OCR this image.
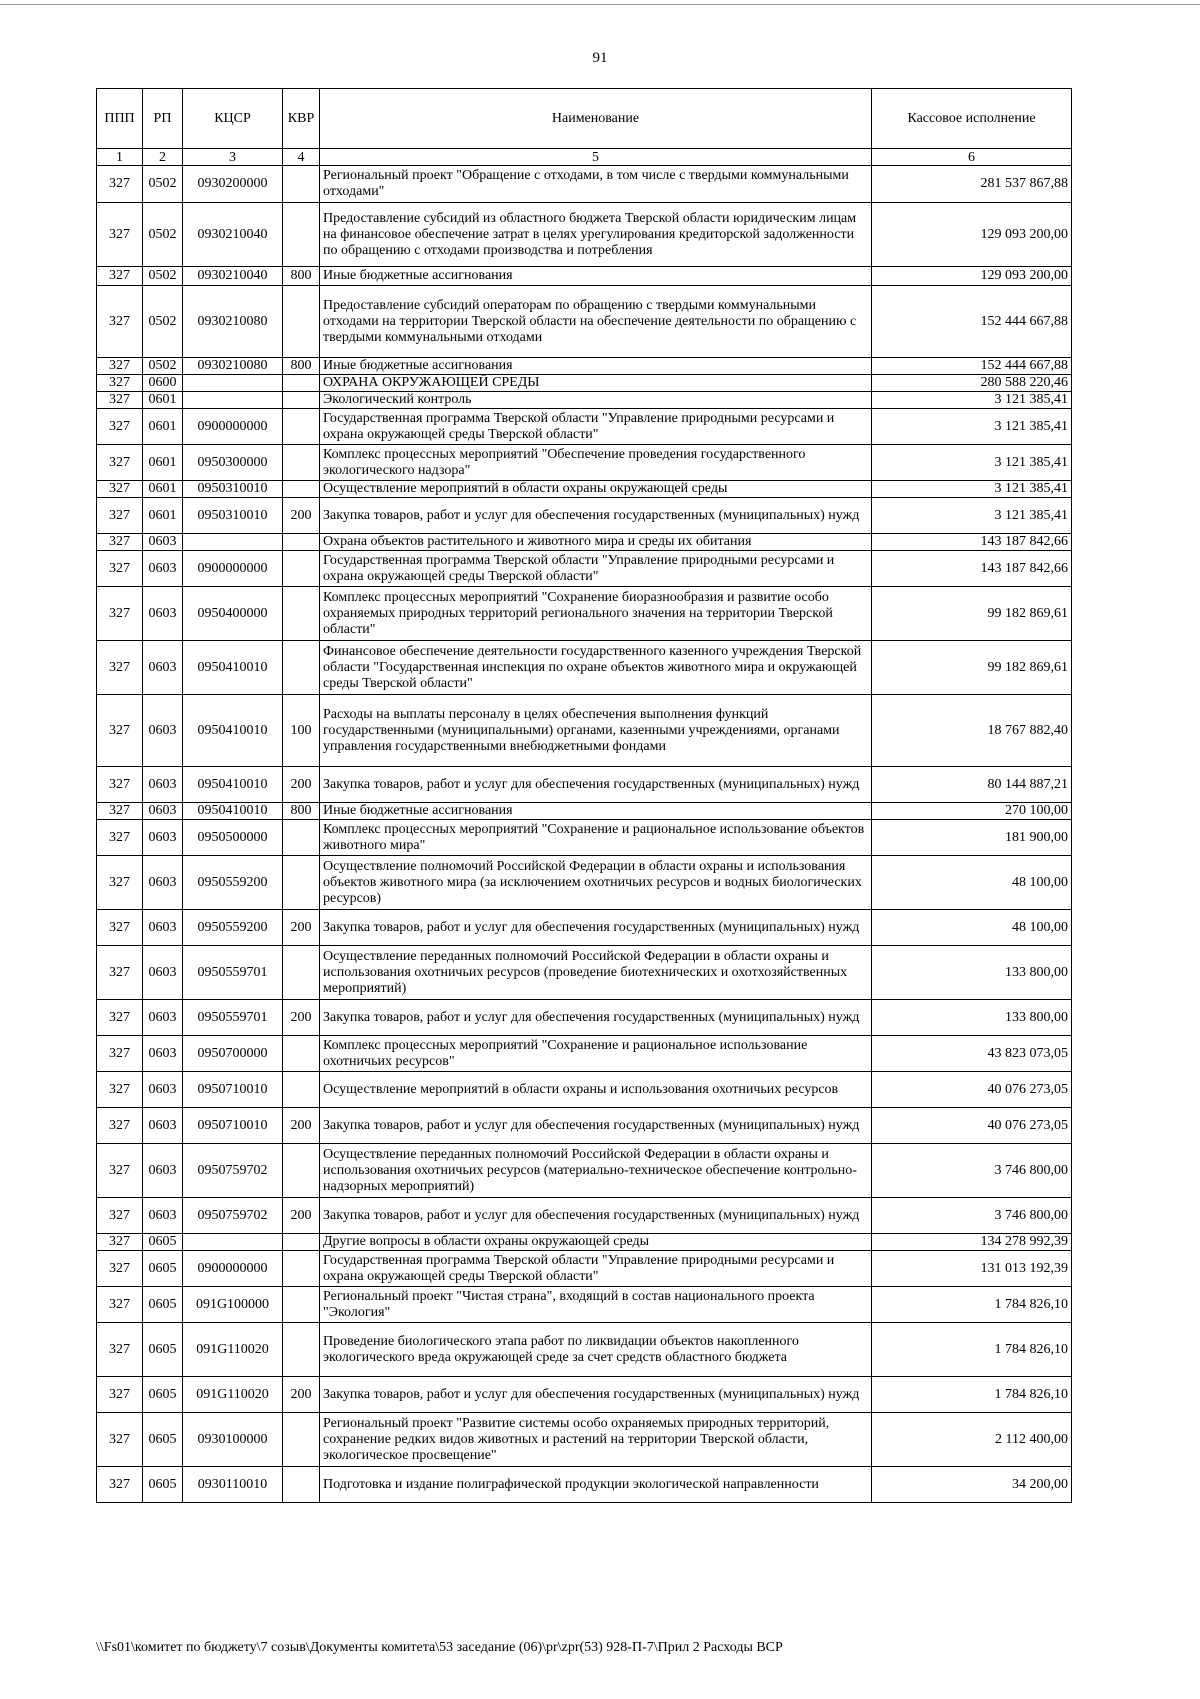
91
ППП	РП	КЦСР	КВР	Наименование	Кассовое исполнение
1	2	3	4	5	6
327	0502	0930200000		Региональный проект "Обращение с отходами, в том числе с твердыми коммунальными отходами"	281 537 867,88
327	0502	0930210040		Предоставление субсидий из областного бюджета Тверской области юридическим лицам на финансовое обеспечение затрат в целях урегулирования кредиторской задолженности по обращению с отходами производства и потребления	129 093 200,00
327	0502	0930210040	800	Иные бюджетные ассигнования	129 093 200,00
327	0502	0930210080		Предоставление субсидий операторам по обращению с твердыми коммунальными отходами на территории Тверской области на обеспечение деятельности по обращению с твердыми коммунальными отходами	152 444 667,88
327	0502	0930210080	800	Иные бюджетные ассигнования	152 444 667,88
327	0600			ОХРАНА ОКРУЖАЮЩЕЙ СРЕДЫ	280 588 220,46
327	0601			Экологический контроль	3 121 385,41
327	0601	0900000000		Государственная программа Тверской области "Управление природными ресурсами и охрана окружающей среды Тверской области"	3 121 385,41
327	0601	0950300000		Комплекс процессных мероприятий "Обеспечение проведения государственного экологического надзора"	3 121 385,41
327	0601	0950310010		Осуществление мероприятий в области охраны окружающей среды	3 121 385,41
327	0601	0950310010	200	Закупка товаров, работ и услуг для обеспечения государственных (муниципальных) нужд	3 121 385,41
327	0603			Охрана объектов растительного и животного мира и среды их обитания	143 187 842,66
327	0603	0900000000		Государственная программа Тверской области "Управление природными ресурсами и охрана окружающей среды Тверской области"	143 187 842,66
327	0603	0950400000		Комплекс процессных мероприятий "Сохранение биоразнообразия и развитие особо охраняемых природных территорий регионального значения на территории Тверской области"	99 182 869,61
327	0603	0950410010		Финансовое обеспечение деятельности государственного казенного учреждения Тверской области "Государственная инспекция по охране объектов животного мира и окружающей среды Тверской области"	99 182 869,61
327	0603	0950410010	100	Расходы на выплаты персоналу в целях обеспечения выполнения функций государственными (муниципальными) органами, казенными учреждениями, органами управления государственными внебюджетными фондами	18 767 882,40
327	0603	0950410010	200	Закупка товаров, работ и услуг для обеспечения государственных (муниципальных) нужд	80 144 887,21
327	0603	0950410010	800	Иные бюджетные ассигнования	270 100,00
327	0603	0950500000		Комплекс процессных мероприятий "Сохранение и рациональное использование объектов животного мира"	181 900,00
327	0603	0950559200		Осуществление полномочий Российской Федерации в области охраны и использования объектов животного мира (за исключением охотничьих ресурсов и водных биологических ресурсов)	48 100,00
327	0603	0950559200	200	Закупка товаров, работ и услуг для обеспечения государственных (муниципальных) нужд	48 100,00
327	0603	0950559701		Осуществление переданных полномочий Российской Федерации в области охраны и использования охотничьих ресурсов (проведение биотехнических и охотхозяйственных мероприятий)	133 800,00
327	0603	0950559701	200	Закупка товаров, работ и услуг для обеспечения государственных (муниципальных) нужд	133 800,00
327	0603	0950700000		Комплекс процессных мероприятий "Сохранение и рациональное использование охотничьих ресурсов"	43 823 073,05
327	0603	0950710010		Осуществление мероприятий в области охраны и использования охотничьих ресурсов	40 076 273,05
327	0603	0950710010	200	Закупка товаров, работ и услуг для обеспечения государственных (муниципальных) нужд	40 076 273,05
327	0603	0950759702		Осуществление переданных полномочий Российской Федерации в области охраны и использования охотничьих ресурсов (материально-техническое обеспечение контрольно-надзорных мероприятий)	3 746 800,00
327	0603	0950759702	200	Закупка товаров, работ и услуг для обеспечения государственных (муниципальных) нужд	3 746 800,00
327	0605			Другие вопросы в области охраны окружающей среды	134 278 992,39
327	0605	0900000000		Государственная программа Тверской области "Управление природными ресурсами и охрана окружающей среды Тверской области"	131 013 192,39
327	0605	091G100000		Региональный проект "Чистая страна", входящий в состав национального проекта "Экология"	1 784 826,10
327	0605	091G110020		Проведение биологического этапа работ по ликвидации объектов накопленного экологического вреда окружающей среде за счет средств областного бюджета	1 784 826,10
327	0605	091G110020	200	Закупка товаров, работ и услуг для обеспечения государственных (муниципальных) нужд	1 784 826,10
327	0605	0930100000		Региональный проект "Развитие системы особо охраняемых природных территорий, сохранение редких видов животных и растений на территории Тверской области, экологическое просвещение"	2 112 400,00
327	0605	0930110010		Подготовка и издание полиграфической продукции экологической направленности	34 200,00
\\Fs01\комитет по бюджету\7 созыв\Документы комитета\53 заседание (06)\pr\zpr(53) 928-П-7\Прил 2 Расходы ВСР
